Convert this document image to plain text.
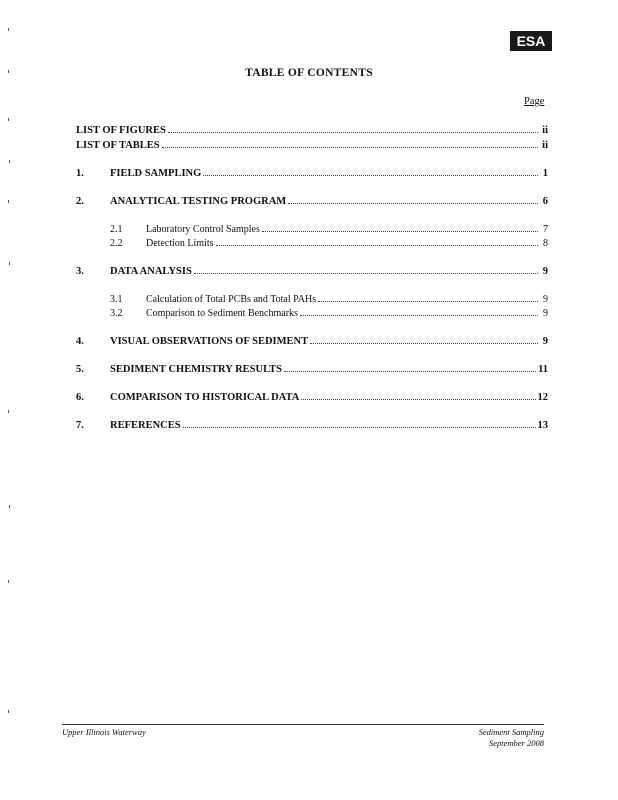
ESA
TABLE OF CONTENTS
Page
LIST OF FIGURES	ii
LIST OF TABLES	ii
1.	FIELD SAMPLING	1
2.	ANALYTICAL TESTING PROGRAM	6
2.1	Laboratory Control Samples	7
2.2	Detection Limits	8
3.	DATA ANALYSIS	9
3.1	Calculation of Total PCBs and Total PAHs	9
3.2	Comparison to Sediment Benchmarks	9
4.	VISUAL OBSERVATIONS OF SEDIMENT	9
5.	SEDIMENT CHEMISTRY RESULTS	11
6.	COMPARISON TO HISTORICAL DATA	12
7.	REFERENCES	13
Upper Illinois Waterway	Sediment Sampling
September 2008
